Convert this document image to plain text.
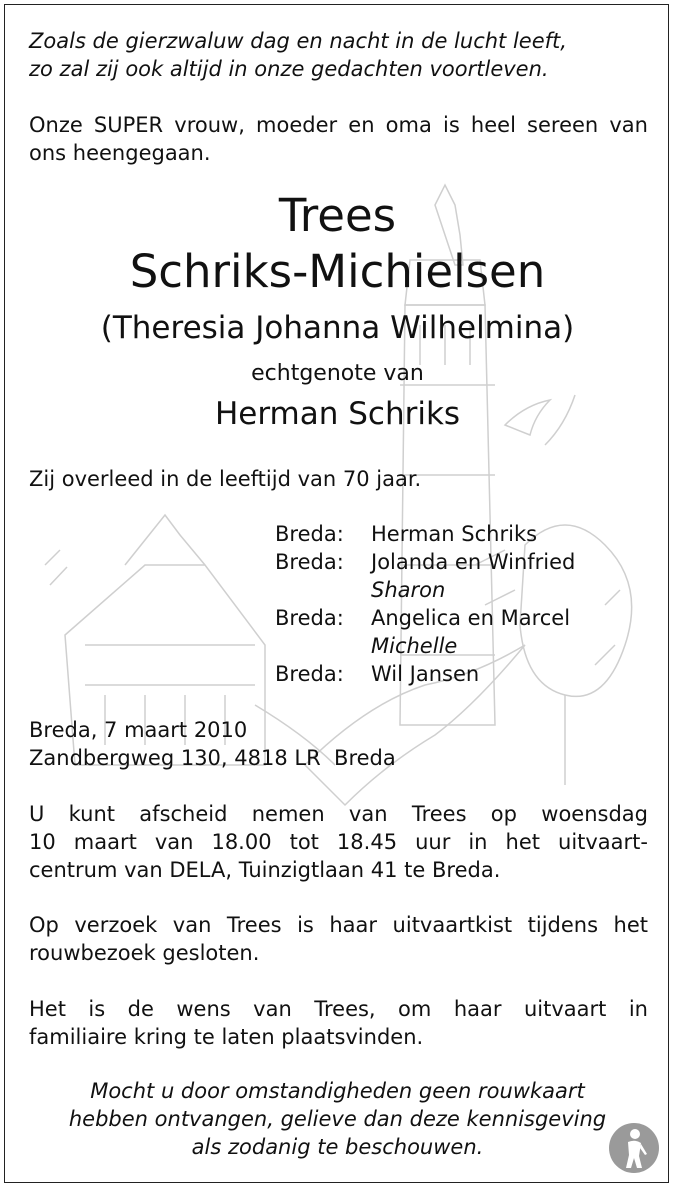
Zoals de gierzwaluw dag en nacht in de lucht leeft,
zo zal zij ook altijd in onze gedachten voortleven.
Onze SUPER vrouw, moeder en oma is heel sereen van ons heengegaan.
Trees
Schriks-Michielsen
(Theresia Johanna Wilhelmina)
echtgenote van
Herman Schriks
Zij overleed in de leeftijd van 70 jaar.
Breda: Herman Schriks
Breda: Jolanda en Winfried
Sharon
Breda: Angelica en Marcel
Michelle
Breda: Wil Jansen
Breda, 7 maart 2010
Zandbergweg 130, 4818 LR  Breda
U kunt afscheid nemen van Trees op woensdag
10 maart van 18.00 tot 18.45 uur in het uitvaart-
centrum van DELA, Tuinzigtlaan 41 te Breda.
Op verzoek van Trees is haar uitvaartkist tijdens het
rouwbezoek gesloten.
Het is de wens van Trees, om haar uitvaart in
familiaire kring te laten plaatsvinden.
Mocht u door omstandigheden geen rouwkaart
hebben ontvangen, gelieve dan deze kennisgeving
als zodanig te beschouwen.
